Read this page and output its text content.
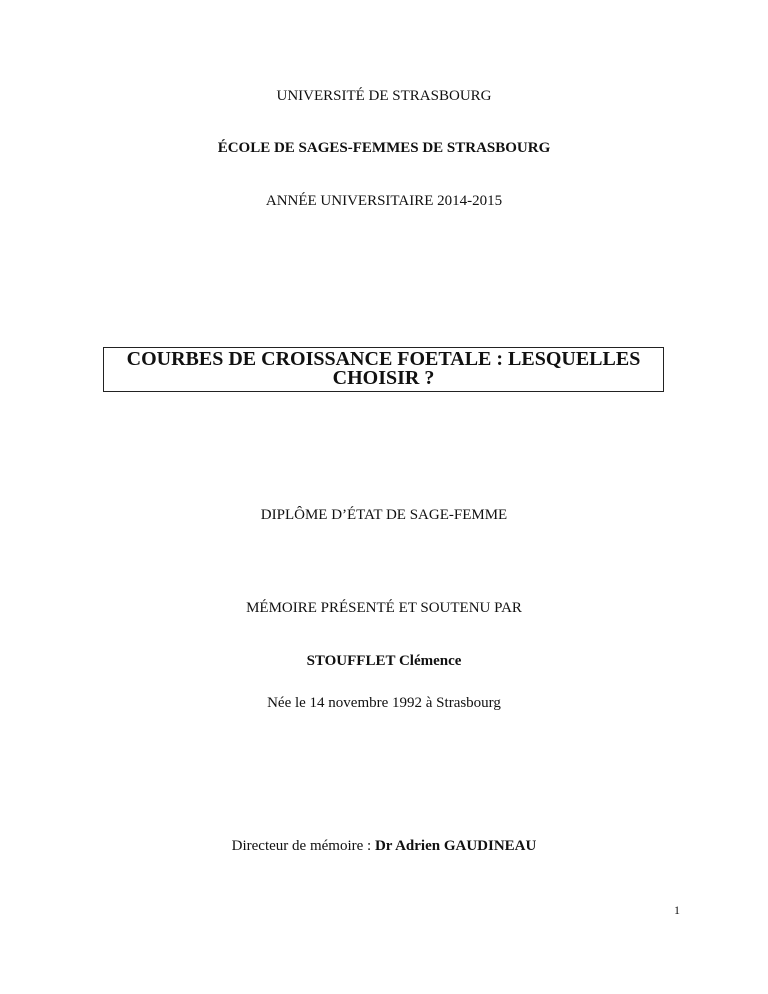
UNIVERSITÉ DE STRASBOURG
ÉCOLE DE SAGES-FEMMES DE STRASBOURG
ANNÉE UNIVERSITAIRE 2014-2015
COURBES DE CROISSANCE FOETALE : LESQUELLES
CHOISIR ?
DIPLÔME D’ÉTAT DE SAGE-FEMME
MÉMOIRE PRÉSENTÉ ET SOUTENU PAR
STOUFFLET Clémence
Née le 14 novembre 1992 à Strasbourg
Directeur de mémoire : Dr Adrien GAUDINEAU
1
